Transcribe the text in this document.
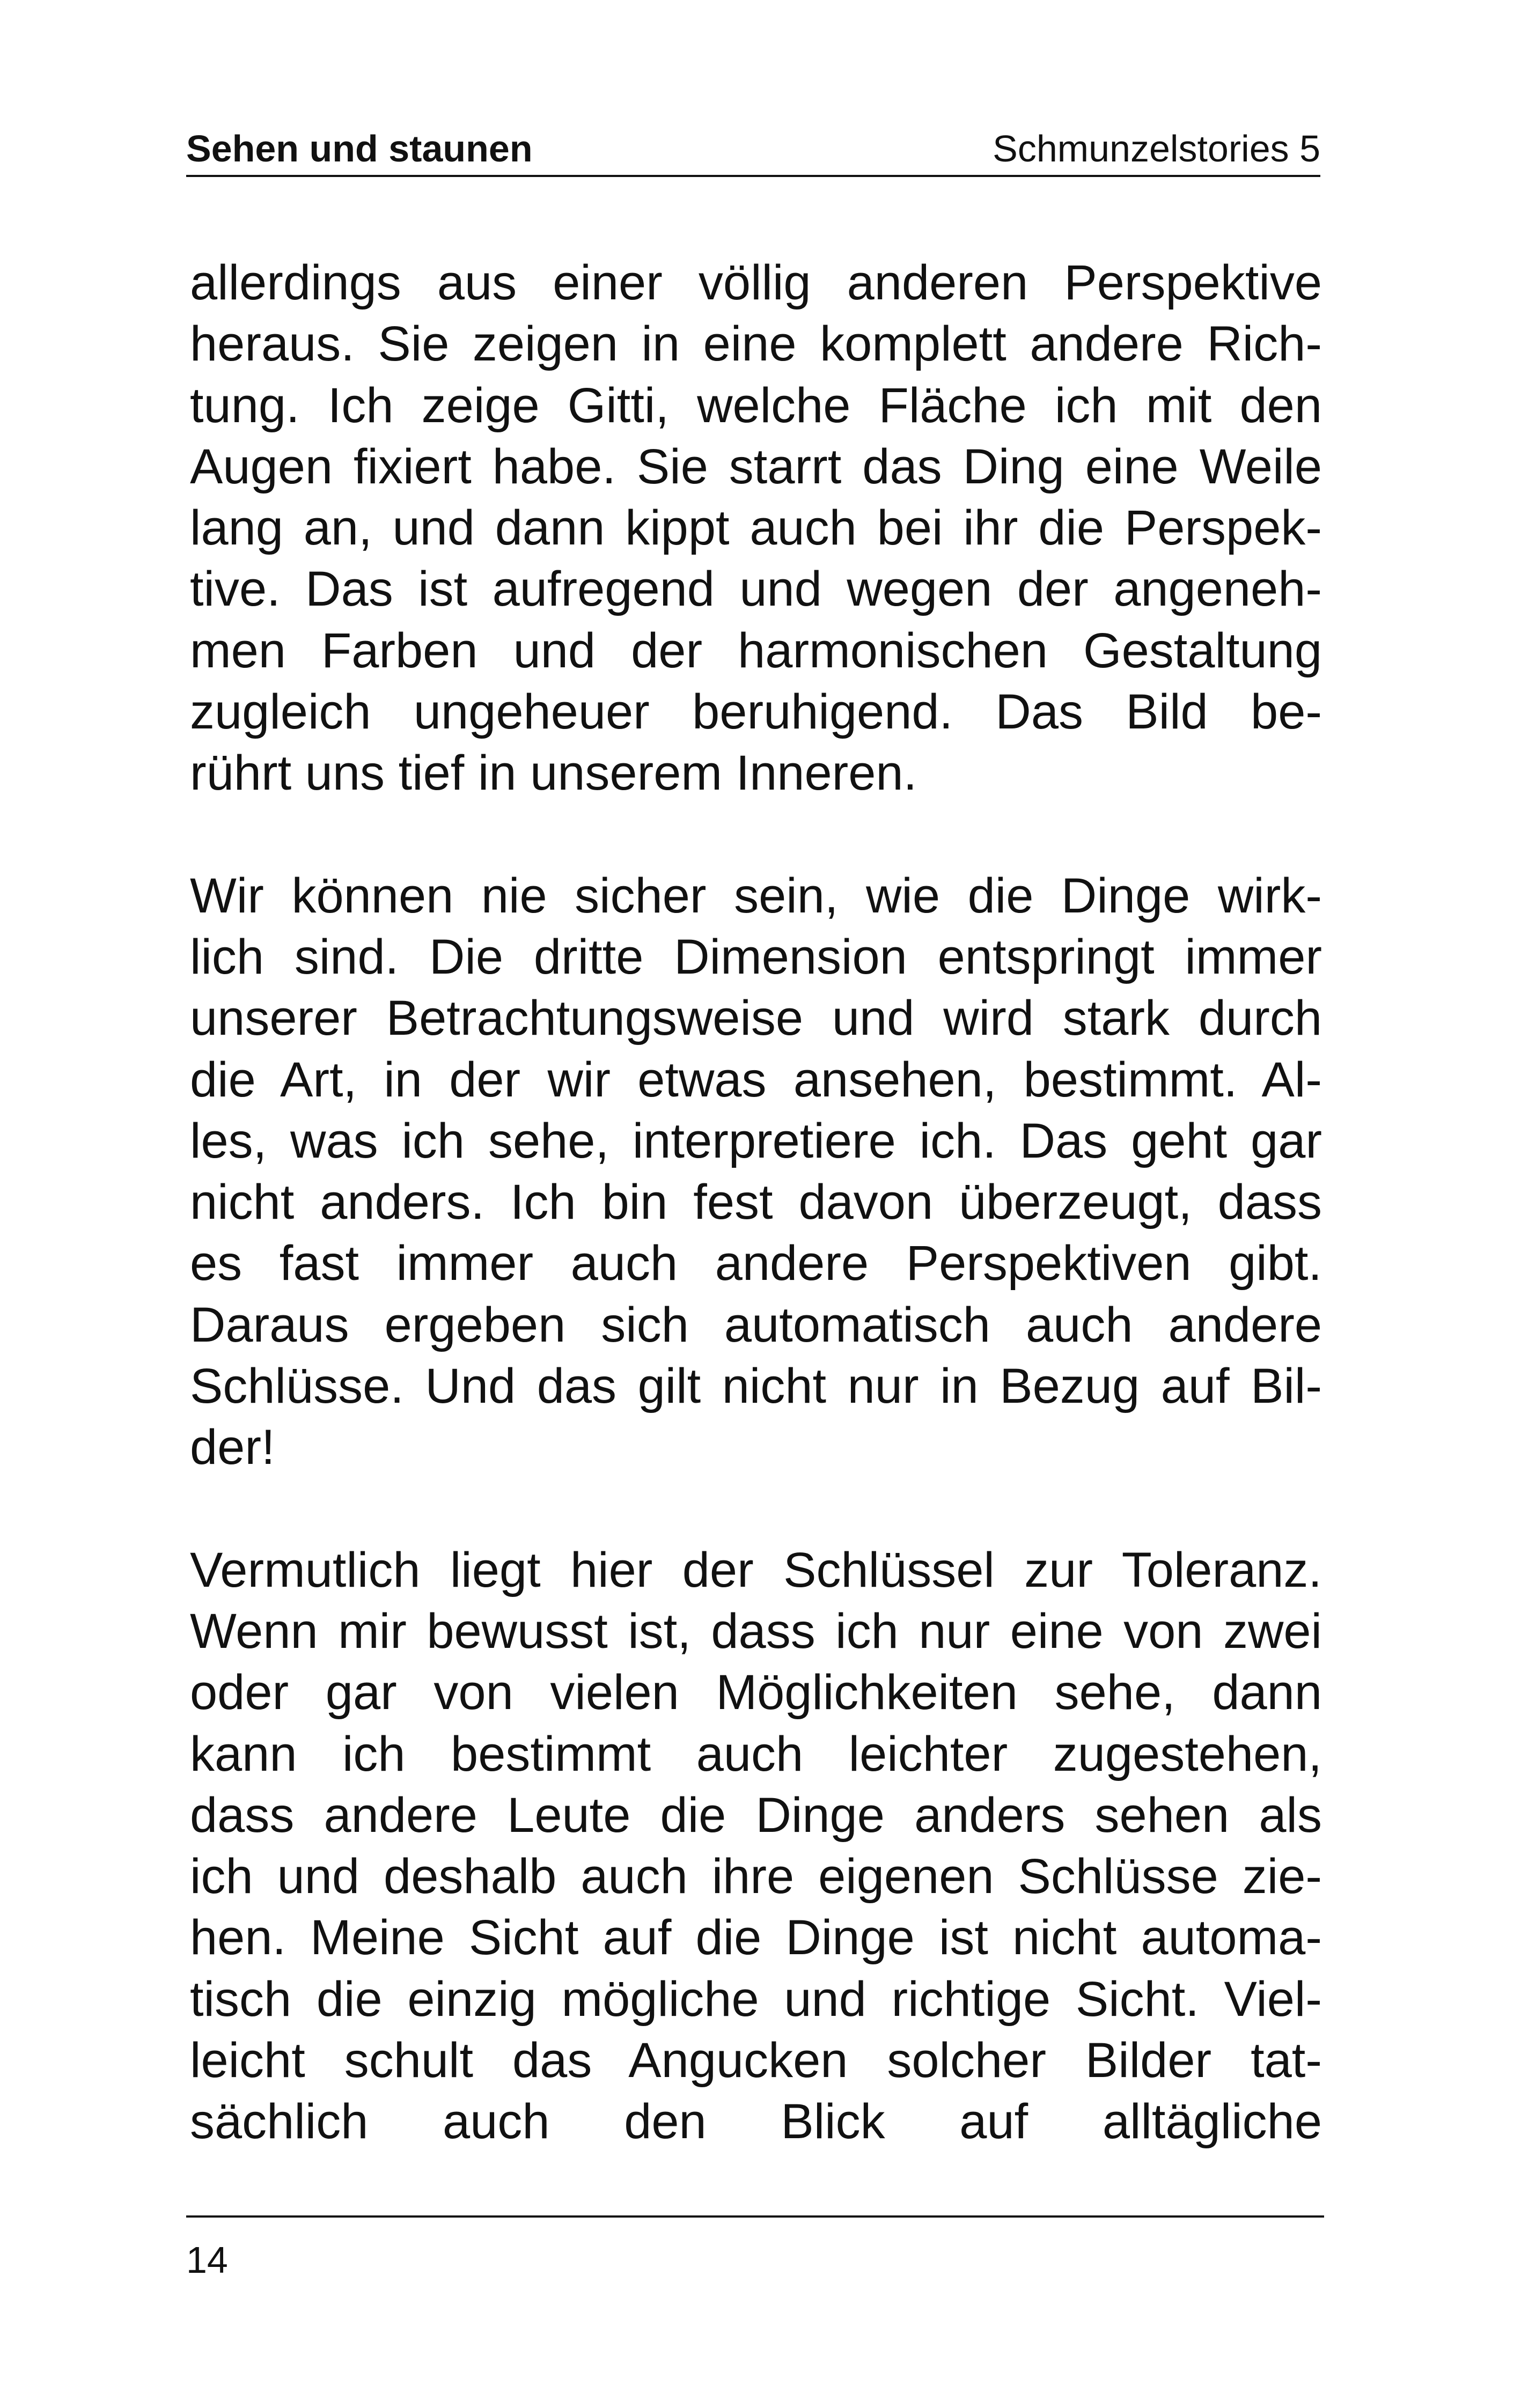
Sehen und staunen	Schmunzelstories 5

allerdings aus einer völlig anderen Perspektive
heraus. Sie zeigen in eine komplett andere Rich-
tung. Ich zeige Gitti, welche Fläche ich mit den
Augen fixiert habe. Sie starrt das Ding eine Weile
lang an, und dann kippt auch bei ihr die Perspek-
tive. Das ist aufregend und wegen der angeneh-
men Farben und der harmonischen Gestaltung
zugleich ungeheuer beruhigend. Das Bild be-
rührt uns tief in unserem Inneren.

Wir können nie sicher sein, wie die Dinge wirk-
lich sind. Die dritte Dimension entspringt immer
unserer Betrachtungsweise und wird stark durch
die Art, in der wir etwas ansehen, bestimmt. Al-
les, was ich sehe, interpretiere ich. Das geht gar
nicht anders. Ich bin fest davon überzeugt, dass
es fast immer auch andere Perspektiven gibt.
Daraus ergeben sich automatisch auch andere
Schlüsse. Und das gilt nicht nur in Bezug auf Bil-
der!

Vermutlich liegt hier der Schlüssel zur Toleranz.
Wenn mir bewusst ist, dass ich nur eine von zwei
oder gar von vielen Möglichkeiten sehe, dann
kann ich bestimmt auch leichter zugestehen,
dass andere Leute die Dinge anders sehen als
ich und deshalb auch ihre eigenen Schlüsse zie-
hen. Meine Sicht auf die Dinge ist nicht automa-
tisch die einzig mögliche und richtige Sicht. Viel-
leicht schult das Angucken solcher Bilder tat-
sächlich auch den Blick auf alltägliche

14
